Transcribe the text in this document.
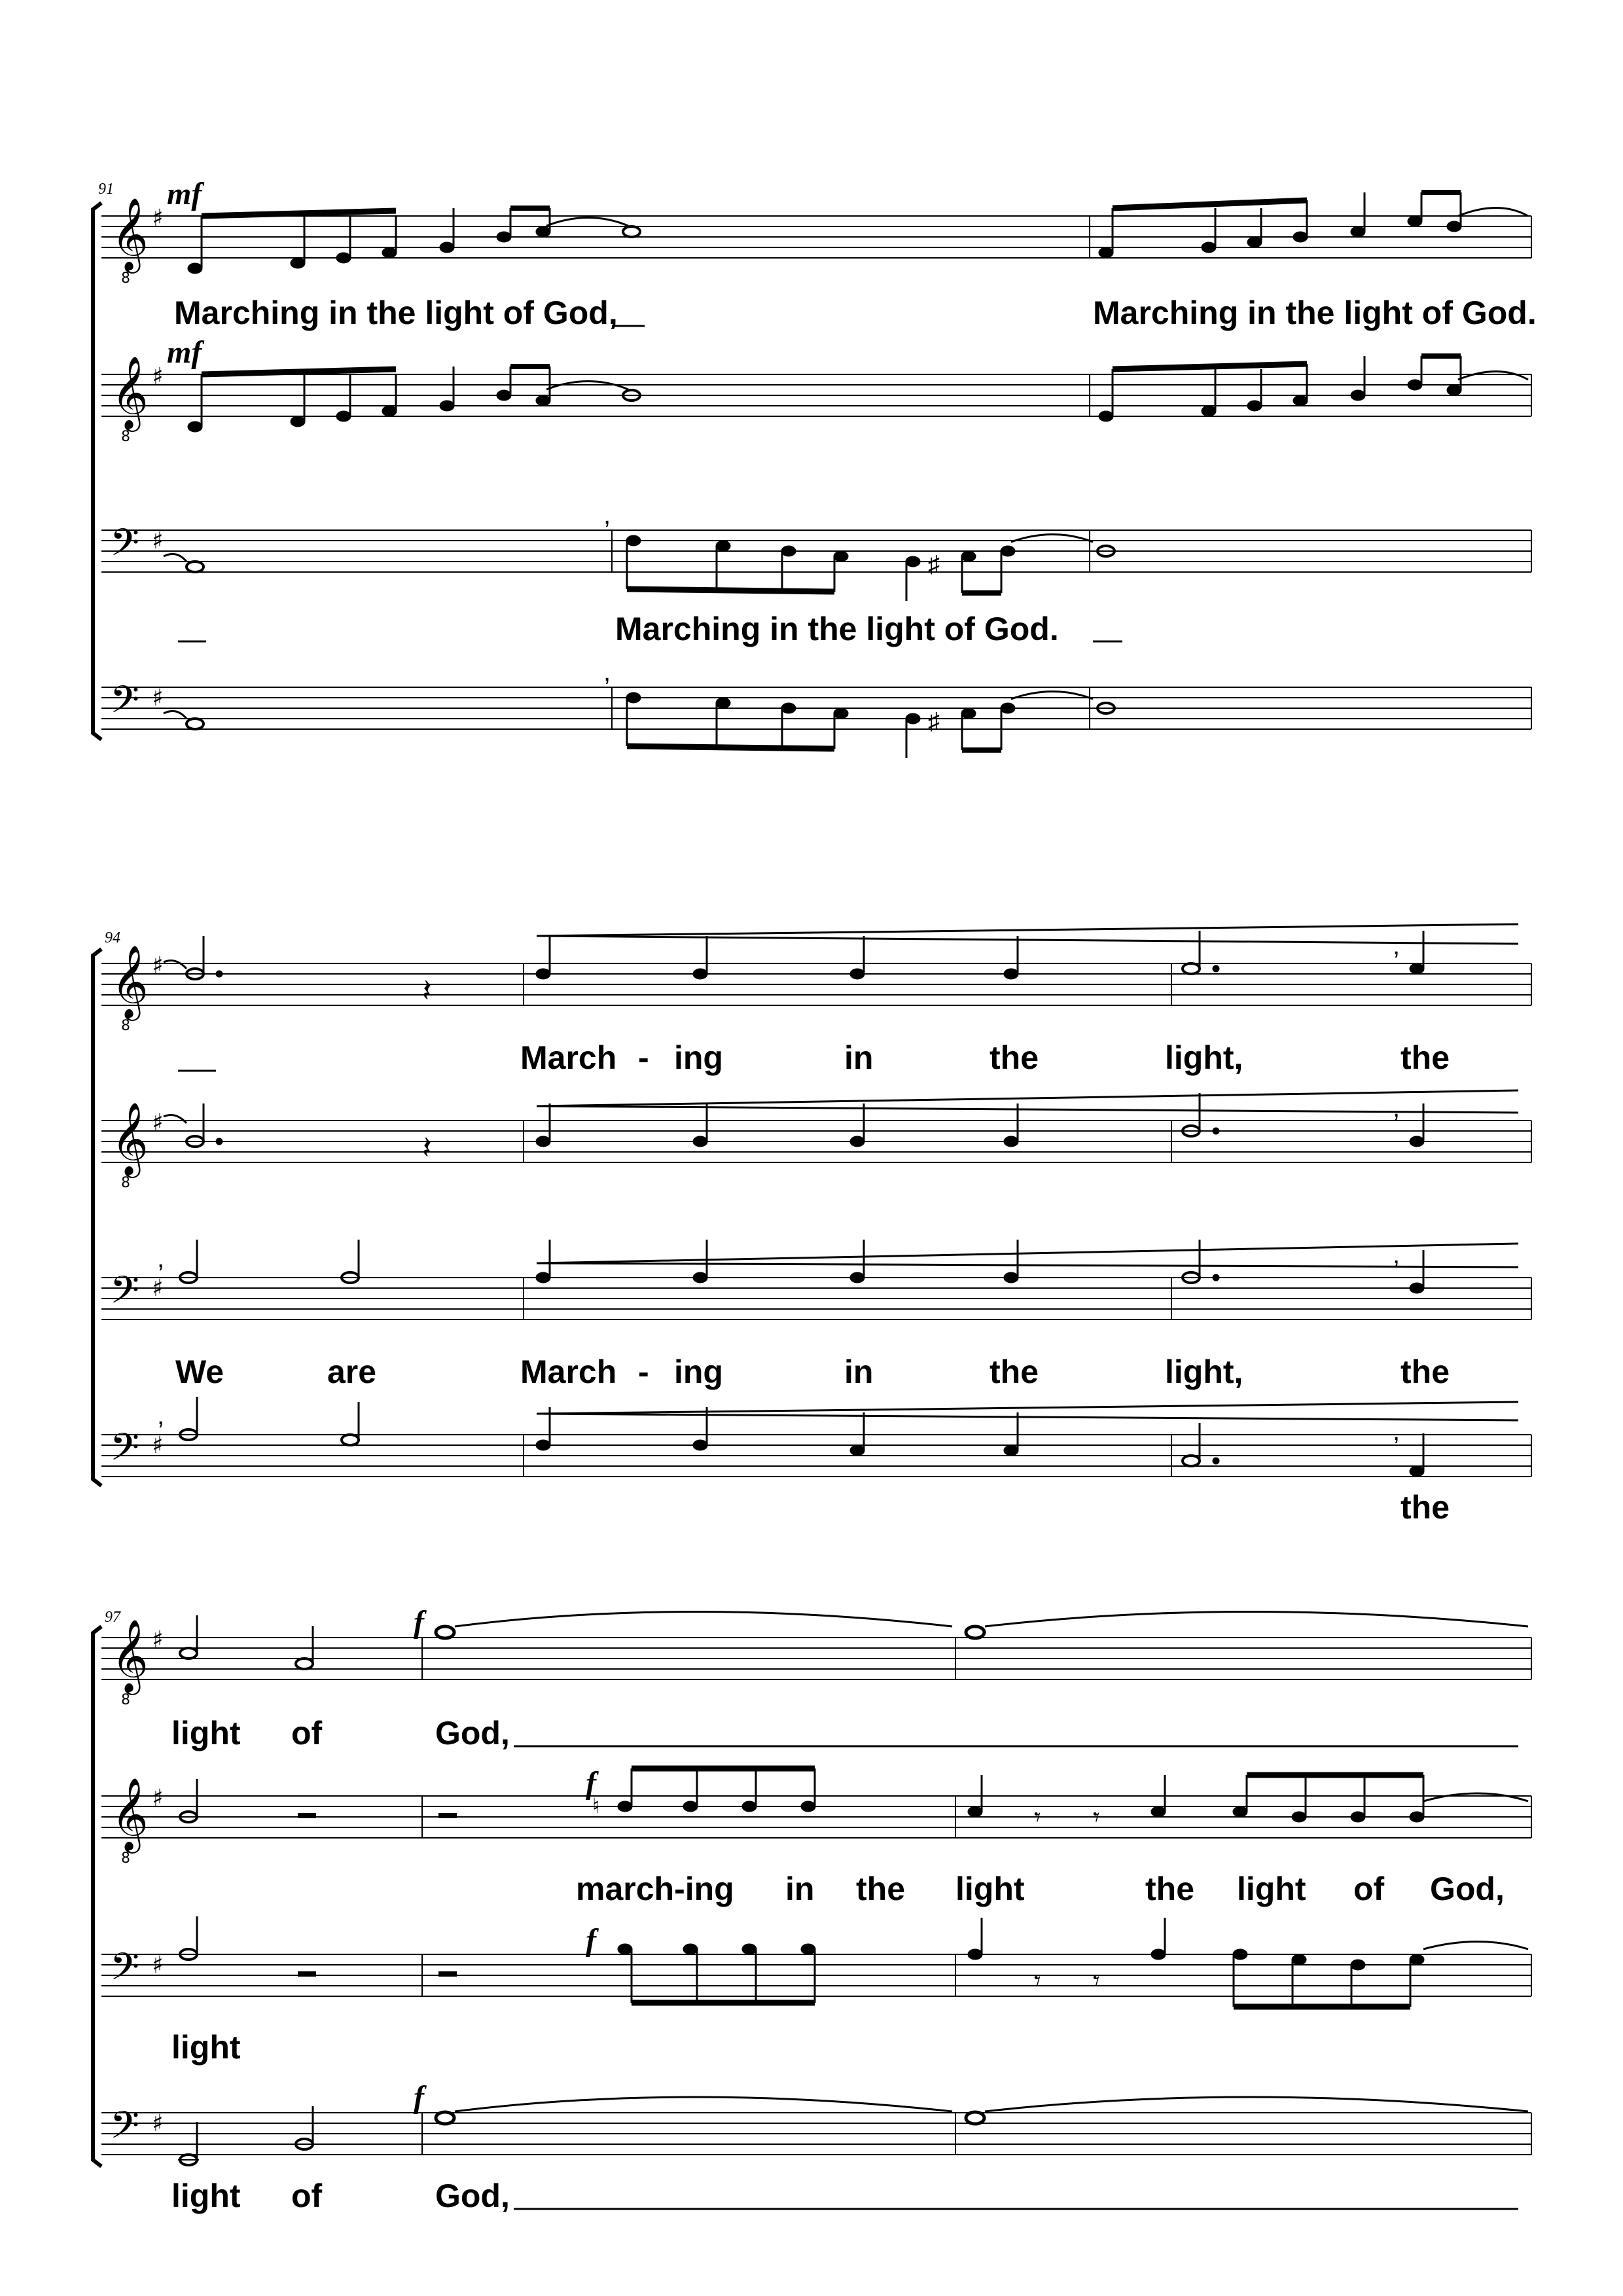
91 mf
mf
𝄞
8
♯
𝄞
8
♯
𝄢 ♯
𝄢 ♯
,
♯
,
♯
Marching in the light of God,	Marching in the light of God.
Marching in the light of God.
94
𝄞
8
♯
𝄞
8
♯
𝄢 ♯
𝄢 ♯
𝄽
,
𝄽
,
,	,
,
,
March - ing	in	the	light,	the
We	are	March - ing	in	the	light,	the
the
97	f
f
f
f
𝄞
8
♯
𝄞
8
♯
𝄢 ♯
𝄢 ♯
♮	𝄾 𝄾
𝄾 𝄾
light of	God,
march-ing in the light	the light of God,
light
light of	God,
